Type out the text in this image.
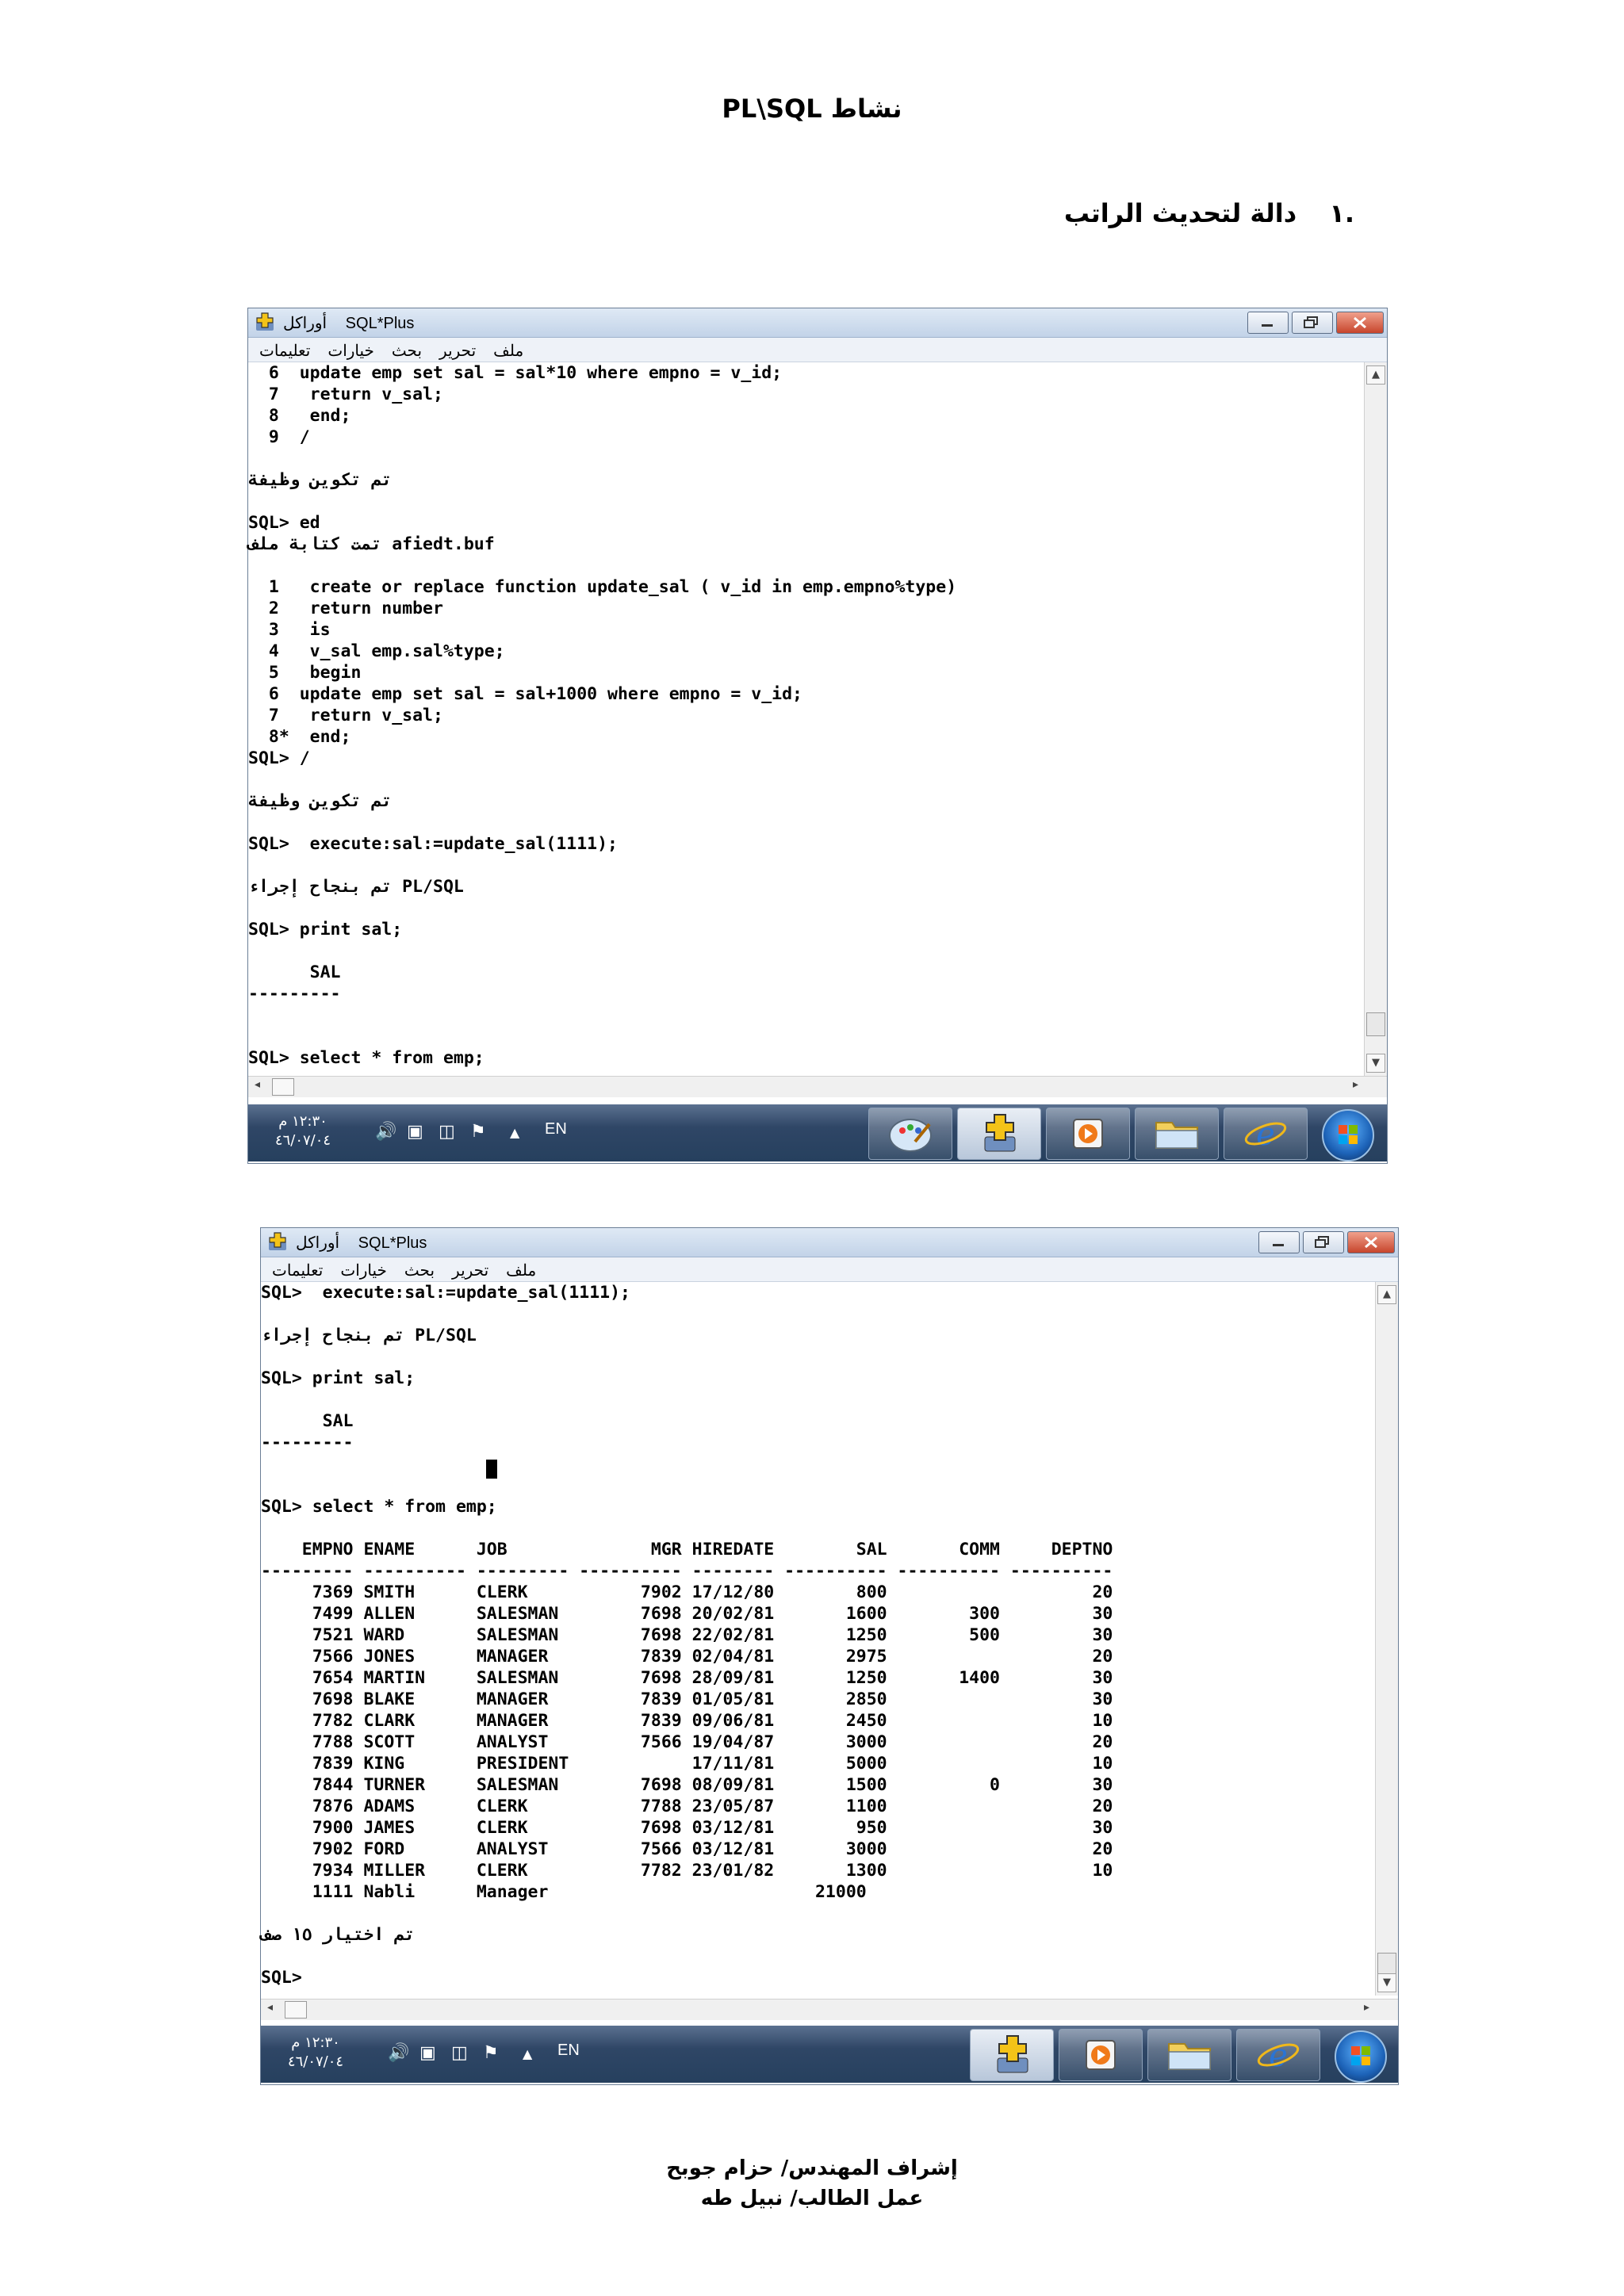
PL\SQL نشاط
.١ دالة لتحديث الراتب
أوراكل SQL*Plus
تعليمات خيارات بحث تحرير ملف
6  update emp set sal = sal*10 where empno = v_id;
7   return v_sal;
8   end;
9  /
تم تكوين وظيفة
SQL> ed
تمت كتابة ملف afiedt.buf
1   create or replace function update_sal ( v_id in emp.empno%type)
2   return number
3   is
4   v_sal emp.sal%type;
5   begin
6  update emp set sal = sal+1000 where empno = v_id;
7   return v_sal;
8*  end;
SQL> /
تم تكوين وظيفة
SQL>  execute:sal:=update_sal(1111);
تم بنجاح إجراء PL/SQL
SQL> print sal;
SAL
---------
SQL> select * from emp;
▲
▼
◂	▸
١٢:٣٠ م
٤٦/٠٧/٠٤	🔊 ▣ ◫ ⚑ ▲ EN	e
أوراكل SQL*Plus
تعليمات خيارات بحث تحرير ملف
SQL>  execute:sal:=update_sal(1111);
تم بنجاح إجراء PL/SQL
SQL> print sal;
SAL
---------
SQL> select * from emp;
EMPNO ENAME      JOB              MGR HIREDATE        SAL       COMM     DEPTNO
--------- ---------- --------- ---------- -------- ---------- ---------- ----------
7369 SMITH      CLERK           7902 17/12/80        800                    20
7499 ALLEN      SALESMAN        7698 20/02/81       1600        300         30
7521 WARD       SALESMAN        7698 22/02/81       1250        500         30
7566 JONES      MANAGER         7839 02/04/81       2975                    20
7654 MARTIN     SALESMAN        7698 28/09/81       1250       1400         30
7698 BLAKE      MANAGER         7839 01/05/81       2850                    30
7782 CLARK      MANAGER         7839 09/06/81       2450                    10
7788 SCOTT      ANALYST         7566 19/04/87       3000                    20
7839 KING       PRESIDENT            17/11/81       5000                    10
7844 TURNER     SALESMAN        7698 08/09/81       1500          0         30
7876 ADAMS      CLERK           7788 23/05/87       1100                    20
7900 JAMES      CLERK           7698 03/12/81        950                    30
7902 FORD       ANALYST         7566 03/12/81       3000                    20
7934 MILLER     CLERK           7782 23/01/82       1300                    10
1111 Nabli      Manager                          21000
تم اختيار ١٥ صف
SQL>
▲
▼
◂	▸
١٢:٣٠ م
٤٦/٠٧/٠٤	🔊 ▣ ◫ ⚑ ▲ EN	e
إشراف المهندس/ حزام جوبح
عمل الطالب/ نبيل طه
